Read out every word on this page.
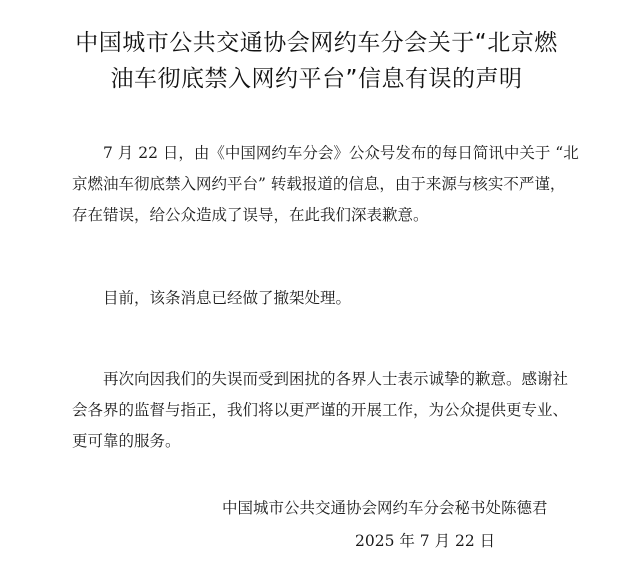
中国城市公共交通协会网约车分会关于“北京燃
油车彻底禁入网约平台”信息有误的声明
7 月 22 日，由《中国网约车分会》公众号发布的每日简讯中关于 “北
京燃油车彻底禁入网约平台” 转载报道的信息，由于来源与核实不严谨，
存在错误，给公众造成了误导，在此我们深表歉意。
目前，该条消息已经做了撤架处理。
再次向因我们的失误而受到困扰的各界人士表示诚挚的歉意。感谢社
会各界的监督与指正，我们将以更严谨的开展工作，为公众提供更专业、
更可靠的服务。
中国城市公共交通协会网约车分会秘书处陈德君
2025 年 7 月 22 日
